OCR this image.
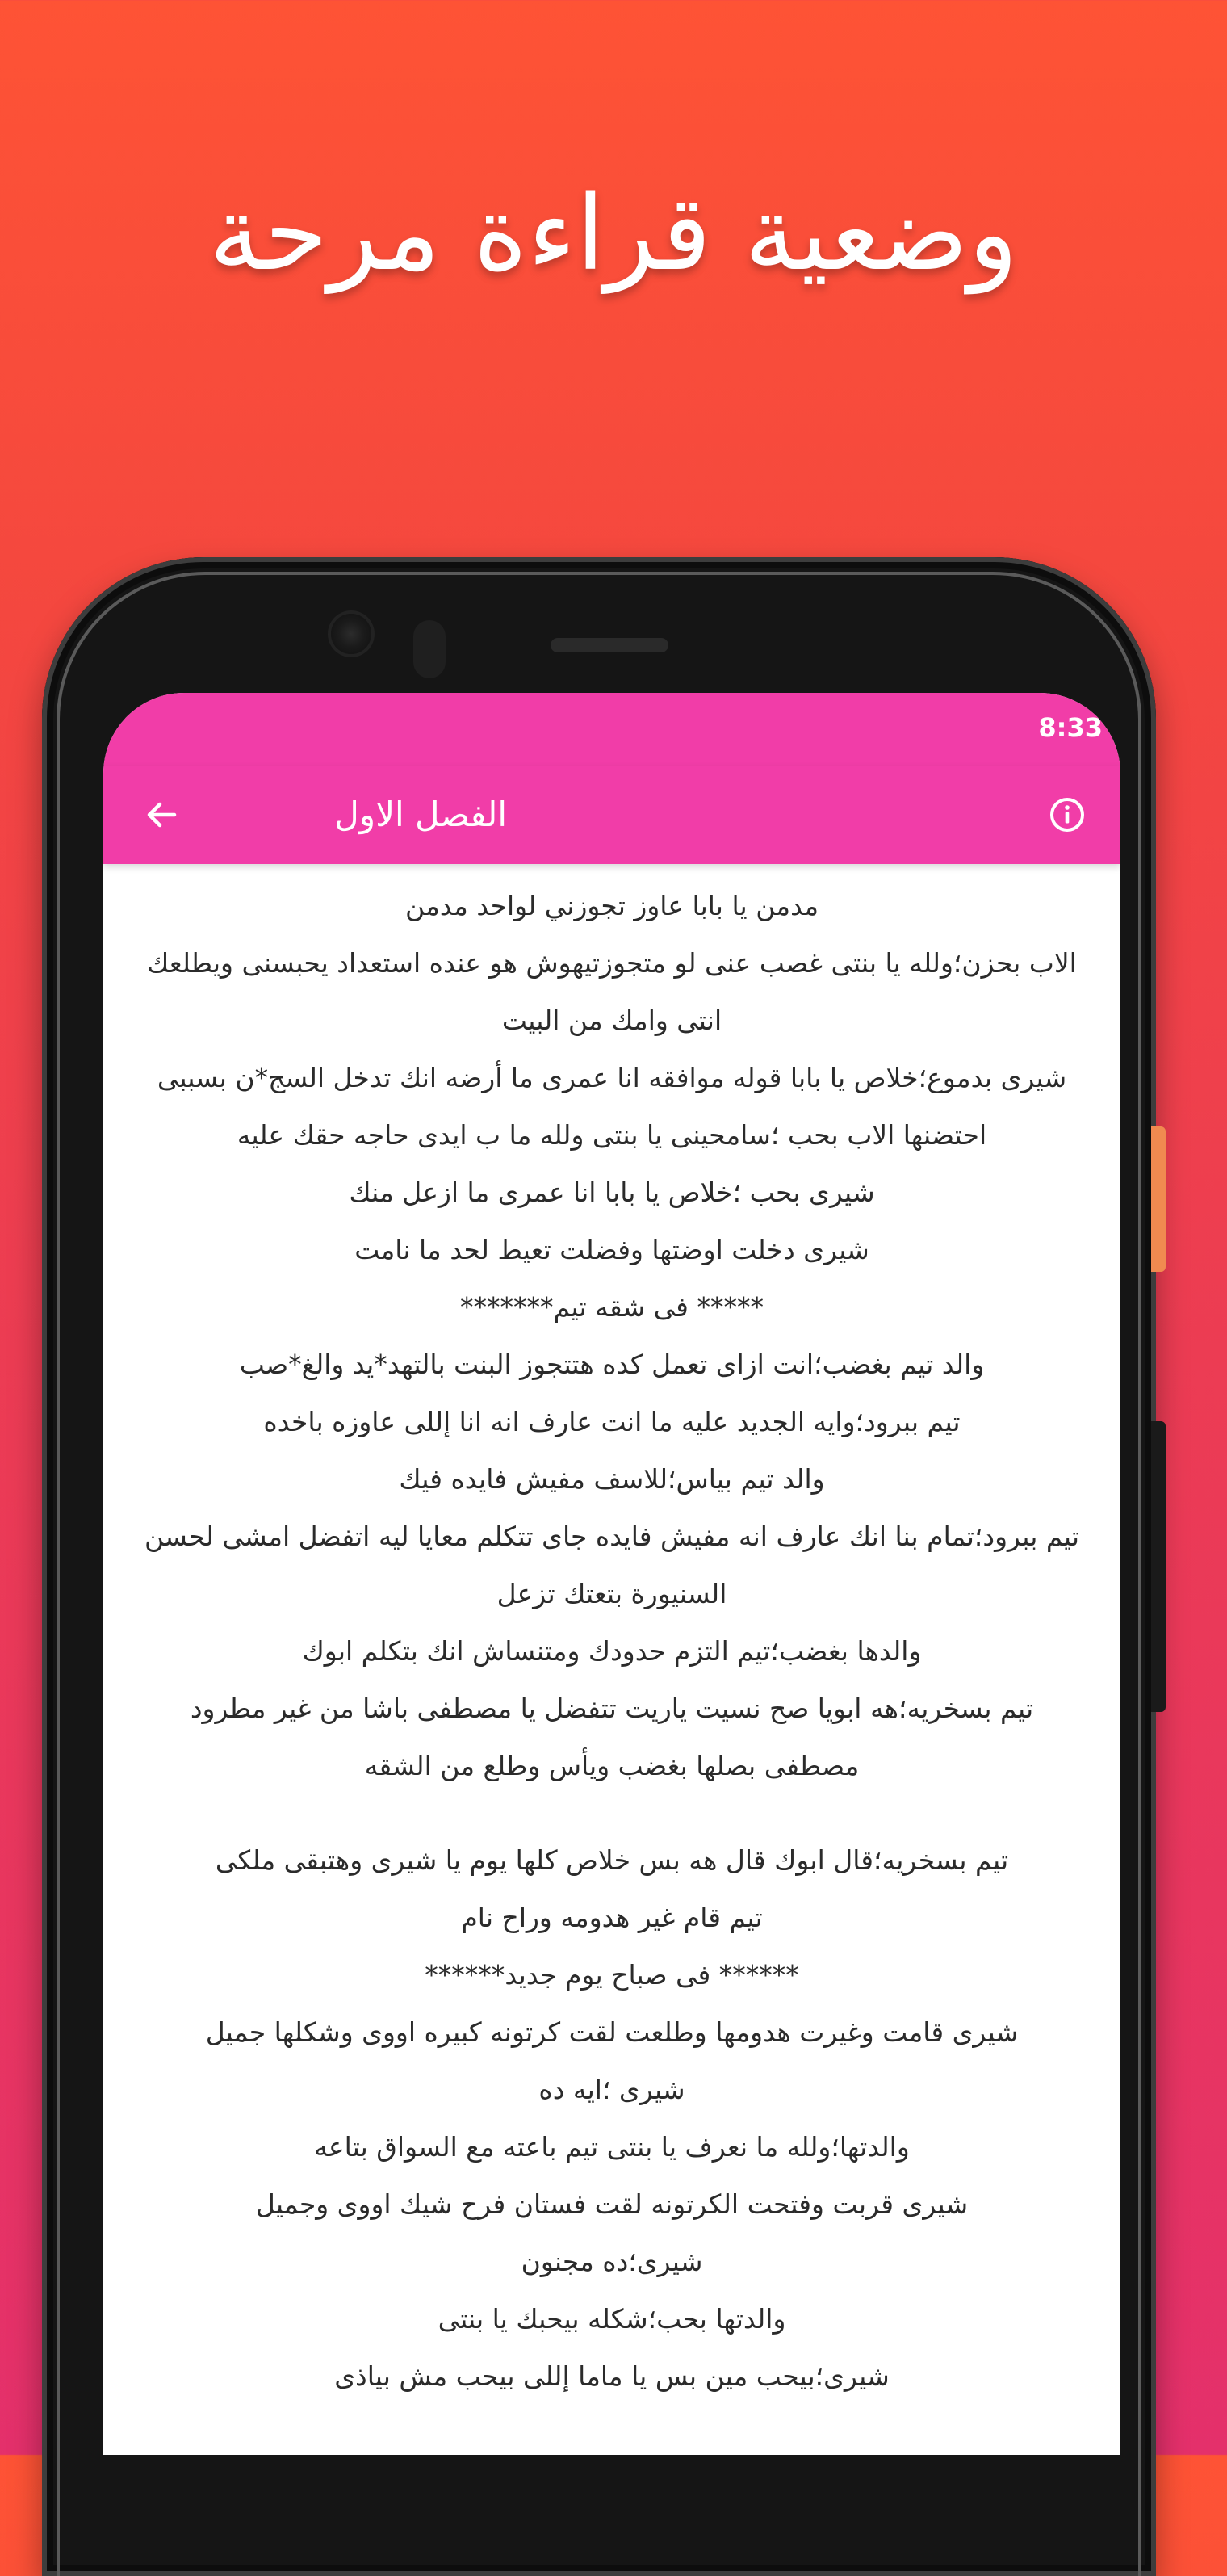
وضعية قراءة مرحة
8:33
الفصل الاول

مدمن يا بابا عاوز تجوزني لواحد مدمن

الاب بحزن؛ولله يا بنتى غصب عنى لو متجوزتيهوش هو عنده استعداد يحبسنى ويطلعك انتى وامك من البيت

شيرى بدموع؛خلاص يا بابا قوله موافقه انا عمرى ما أرضه انك تدخل السج*ن بسببى

احتضنها الاب بحب ؛سامحينى يا بنتى ولله ما ب ايدى حاجه حقك عليه

شيرى بحب ؛خلاص يا بابا انا عمرى ما ازعل منك

شيرى دخلت اوضتها وفضلت تعيط لحد ما نامت

***** فى شقه تيم*******

والد تيم بغضب؛انت ازاى تعمل كده هتتجوز البنت بالتهد*يد والغ*صب

تيم ببرود؛وايه الجديد عليه ما انت عارف انه انا إللى عاوزه باخده

والد تيم بياس؛للاسف مفيش فايده فيك

تيم ببرود؛تمام بنا انك عارف انه مفيش فايده جاى تتكلم معايا ليه اتفضل امشى لحسن السنيورة بتعتك تزعل

والدها بغضب؛تيم التزم حدودك ومتنساش انك بتكلم ابوك

تيم بسخريه؛هه ابويا صح نسيت ياريت تتفضل يا مصطفى باشا من غير مطرود

مصطفى بصلها بغضب ويأس وطلع من الشقه

تيم بسخريه؛قال ابوك قال هه بس خلاص كلها يوم يا شيرى وهتبقى ملكى

تيم قام غير هدومه وراح نام

****** فى صباح يوم جديد******

شيرى قامت وغيرت هدومها وطلعت لقت كرتونه كبيره اووى وشكلها جميل

شيرى ؛ايه ده

والدتها؛ولله ما نعرف يا بنتى تيم باعته مع السواق بتاعه

شيرى قربت وفتحت الكرتونه لقت فستان فرح شيك اووى وجميل

شيرى؛ده مجنون

والدتها بحب؛شكله بيحبك يا بنتى

شيرى؛بيحب مين بس يا ماما إللى بيحب مش بياذى
